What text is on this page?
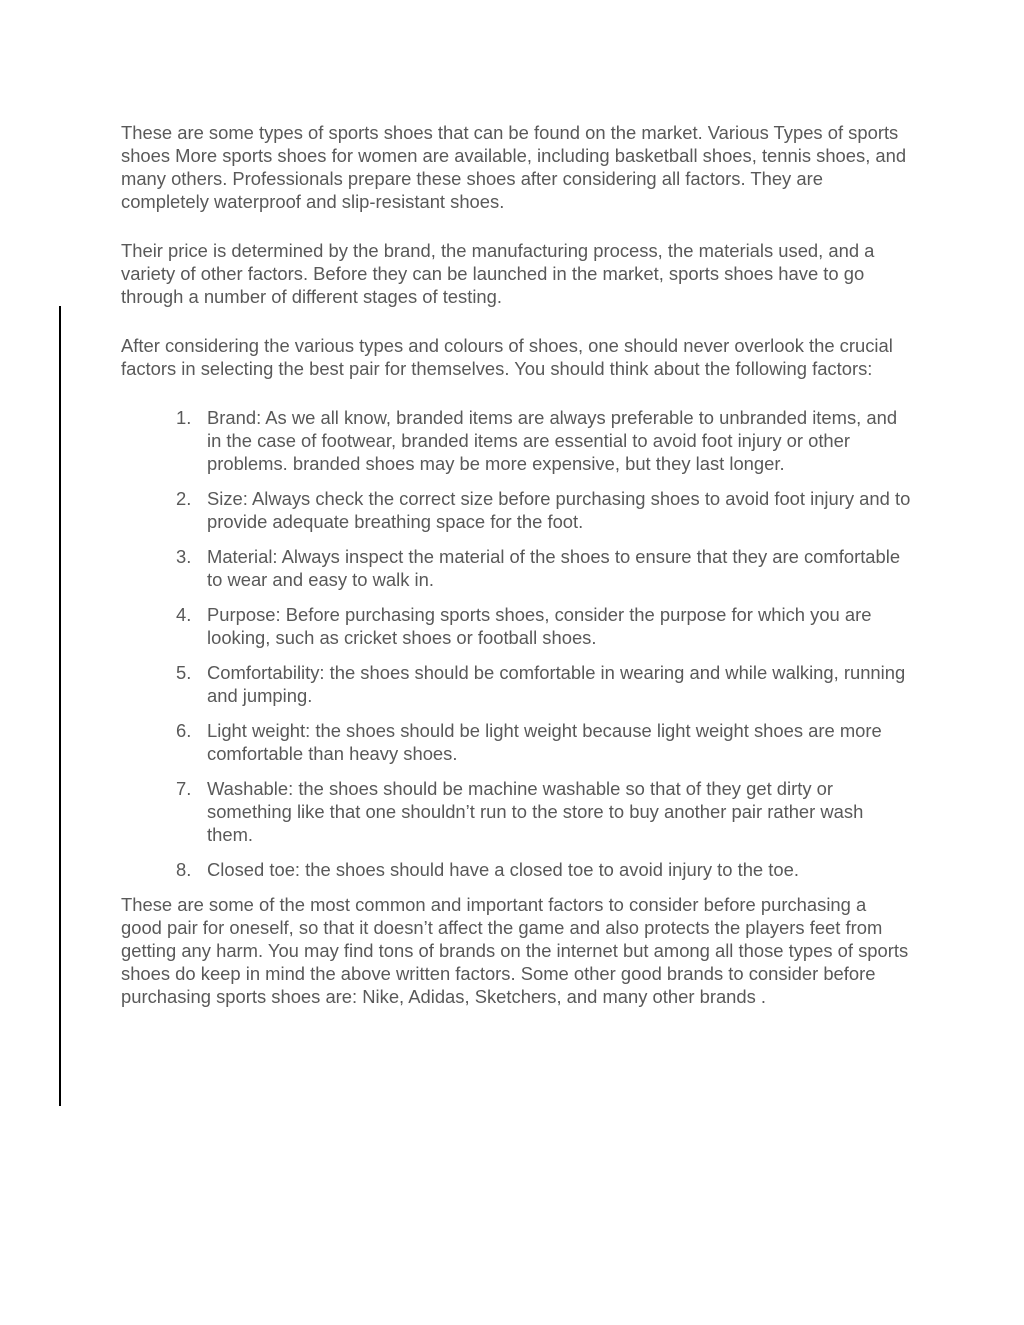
These are some types of sports shoes that can be found on the market. Various Types of sports shoes More sports shoes for women are available, including basketball shoes, tennis shoes, and many others. Professionals prepare these shoes after considering all factors. They are completely waterproof and slip-resistant shoes.

Their price is determined by the brand, the manufacturing process, the materials used, and a variety of other factors. Before they can be launched in the market, sports shoes have to go through a number of different stages of testing.

After considering the various types and colours of shoes, one should never overlook the crucial factors in selecting the best pair for themselves. You should think about the following factors:

1. Brand: As we all know, branded items are always preferable to unbranded items, and in the case of footwear, branded items are essential to avoid foot injury or other problems. branded shoes may be more expensive, but they last longer.
2. Size: Always check the correct size before purchasing shoes to avoid foot injury and to provide adequate breathing space for the foot.
3. Material: Always inspect the material of the shoes to ensure that they are comfortable to wear and easy to walk in.
4. Purpose: Before purchasing sports shoes, consider the purpose for which you are looking, such as cricket shoes or football shoes.
5. Comfortability: the shoes should be comfortable in wearing and while walking, running and jumping.
6. Light weight: the shoes should be light weight because light weight shoes are more comfortable than heavy shoes.
7. Washable: the shoes should be machine washable so that of they get dirty or something like that one shouldn’t run to the store to buy another pair rather wash them.
8. Closed toe: the shoes should have a closed toe to avoid injury to the toe.

These are some of the most common and important factors to consider before purchasing a good pair for oneself, so that it doesn’t affect the game and also protects the players feet from getting any harm. You may find tons of brands on the internet but among all those types of sports shoes do keep in mind the above written factors. Some other good brands to consider before purchasing sports shoes are: Nike, Adidas, Sketchers, and many other brands .
